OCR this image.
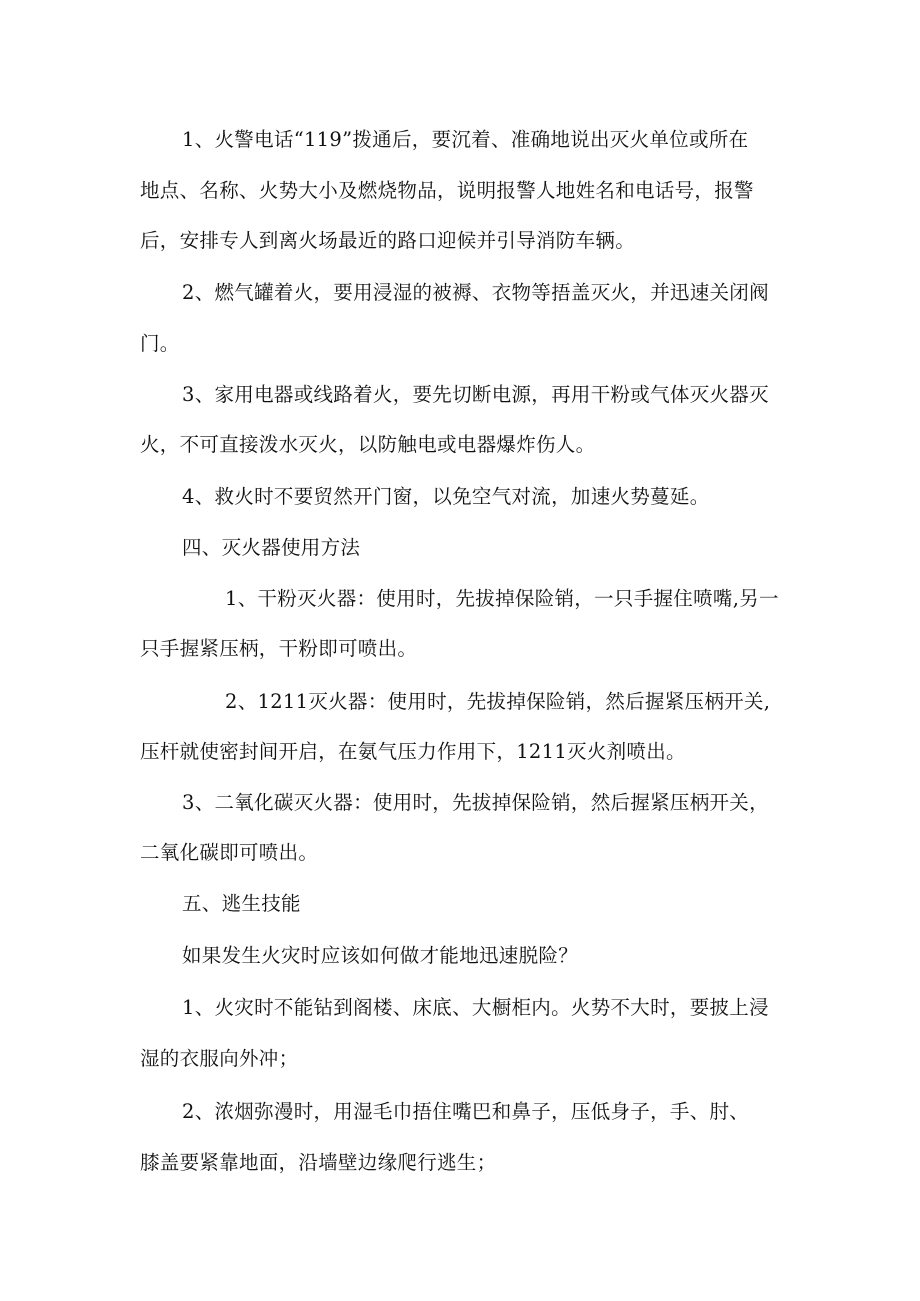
1、火警电话“119”拨通后，要沉着、准确地说出灭火单位或所在
地点、名称、火势大小及燃烧物品，说明报警人地姓名和电话号，报警
后，安排专人到离火场最近的路口迎候并引导消防车辆。
2、燃气罐着火，要用浸湿的被褥、衣物等捂盖灭火，并迅速关闭阀
门。
3、家用电器或线路着火，要先切断电源，再用干粉或气体灭火器灭
火，不可直接泼水灭火，以防触电或电器爆炸伤人。
4、救火时不要贸然开门窗，以免空气对流，加速火势蔓延。
四、灭火器使用方法
1、干粉灭火器：使用时，先拔掉保险销，一只手握住喷嘴,另一
只手握紧压柄，干粉即可喷出。
2、1211灭火器：使用时，先拔掉保险销，然后握紧压柄开关,
压杆就使密封间开启，在氨气压力作用下，1211灭火剂喷出。
3、二氧化碳灭火器：使用时，先拔掉保险销，然后握紧压柄开关，
二氧化碳即可喷出。
五、逃生技能
如果发生火灾时应该如何做才能地迅速脱险？
1、火灾时不能钻到阁楼、床底、大橱柜内。火势不大时，要披上浸
湿的衣服向外冲；
2、浓烟弥漫时，用湿毛巾捂住嘴巴和鼻子，压低身子，手、肘、
膝盖要紧靠地面，沿墙壁边缘爬行逃生；
